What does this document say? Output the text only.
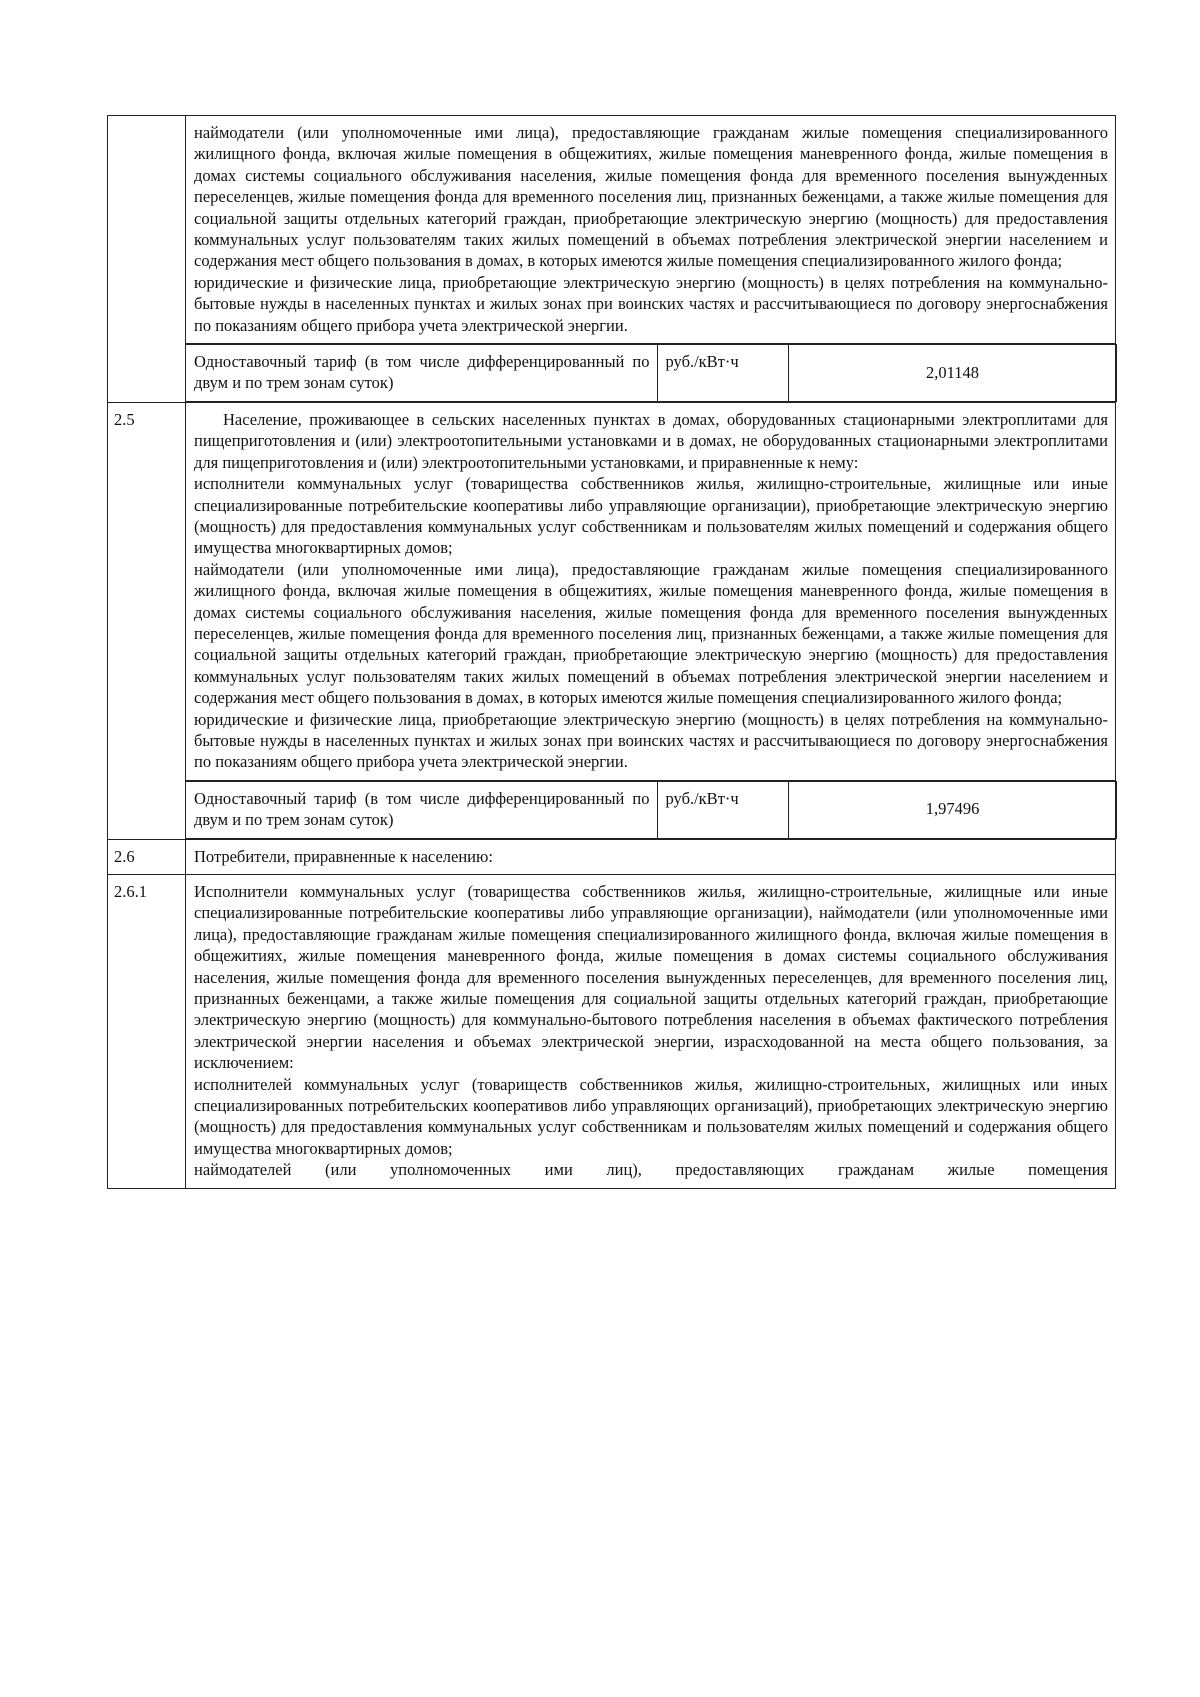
наймодатели (или уполномоченные ими лица), предоставляющие гражданам жилые помещения специализированного жилищного фонда, включая жилые помещения в общежитиях, жилые помещения маневренного фонда, жилые помещения в домах системы социального обслуживания населения, жилые помещения фонда для временного поселения вынужденных переселенцев, жилые помещения фонда для временного поселения лиц, признанных беженцами, а также жилые помещения для социальной защиты отдельных категорий граждан, приобретающие электрическую энергию (мощность) для предоставления коммунальных услуг пользователям таких жилых помещений в объемах потребления электрической энергии населением и содержания мест общего пользования в домах, в которых имеются жилые помещения специализированного жилого фонда;

юридические и физические лица, приобретающие электрическую энергию (мощность) в целях потребления на коммунально-бытовые нужды в населенных пунктах и жилых зонах при воинских частях и рассчитывающиеся по договору энергоснабжения по показаниям общего прибора учета электрической энергии.

Одноставочный тариф (в том числе дифференцированный по двум и по трем зонам суток)	руб./кВт·ч	2,01148

2.5	Население, проживающее в сельских населенных пунктах в домах, оборудованных стационарными электроплитами для пищеприготовления и (или) электроотопительными установками и в домах, не оборудованных стационарными электроплитами для пищеприготовления и (или) электроотопительными установками, и приравненные к нему:

исполнители коммунальных услуг (товарищества собственников жилья, жилищно-строительные, жилищные или иные специализированные потребительские кооперативы либо управляющие организации), приобретающие электрическую энергию (мощность) для предоставления коммунальных услуг собственникам и пользователям жилых помещений и содержания общего имущества многоквартирных домов;

наймодатели (или уполномоченные ими лица), предоставляющие гражданам жилые помещения специализированного жилищного фонда, включая жилые помещения в общежитиях, жилые помещения маневренного фонда, жилые помещения в домах системы социального обслуживания населения, жилые помещения фонда для временного поселения вынужденных переселенцев, жилые помещения фонда для временного поселения лиц, признанных беженцами, а также жилые помещения для социальной защиты отдельных категорий граждан, приобретающие электрическую энергию (мощность) для предоставления коммунальных услуг пользователям таких жилых помещений в объемах потребления электрической энергии населением и содержания мест общего пользования в домах, в которых имеются жилые помещения специализированного жилого фонда;

юридические и физические лица, приобретающие электрическую энергию (мощность) в целях потребления на коммунально-бытовые нужды в населенных пунктах и жилых зонах при воинских частях и рассчитывающиеся по договору энергоснабжения по показаниям общего прибора учета электрической энергии.

Одноставочный тариф (в том числе дифференцированный по двум и по трем зонам суток)	руб./кВт·ч	1,97496

2.6	Потребители, приравненные к населению:
2.6.1	Исполнители коммунальных услуг (товарищества собственников жилья, жилищно-строительные, жилищные или иные специализированные потребительские кооперативы либо управляющие организации), наймодатели (или уполномоченные ими лица), предоставляющие гражданам жилые помещения специализированного жилищного фонда, включая жилые помещения в общежитиях, жилые помещения маневренного фонда, жилые помещения в домах системы социального обслуживания населения, жилые помещения фонда для временного поселения вынужденных переселенцев, для временного поселения лиц, признанных беженцами, а также жилые помещения для социальной защиты отдельных категорий граждан, приобретающие электрическую энергию (мощность) для коммунально-бытового потребления населения в объемах фактического потребления электрической энергии населения и объемах электрической энергии, израсходованной на места общего пользования, за исключением:

исполнителей коммунальных услуг (товариществ собственников жилья, жилищно-строительных, жилищных или иных специализированных потребительских кооперативов либо управляющих организаций), приобретающих электрическую энергию (мощность) для предоставления коммунальных услуг собственникам и пользователям жилых помещений и содержания общего имущества многоквартирных домов;

наймодателей (или уполномоченных ими лиц), предоставляющих гражданам жилые помещения
